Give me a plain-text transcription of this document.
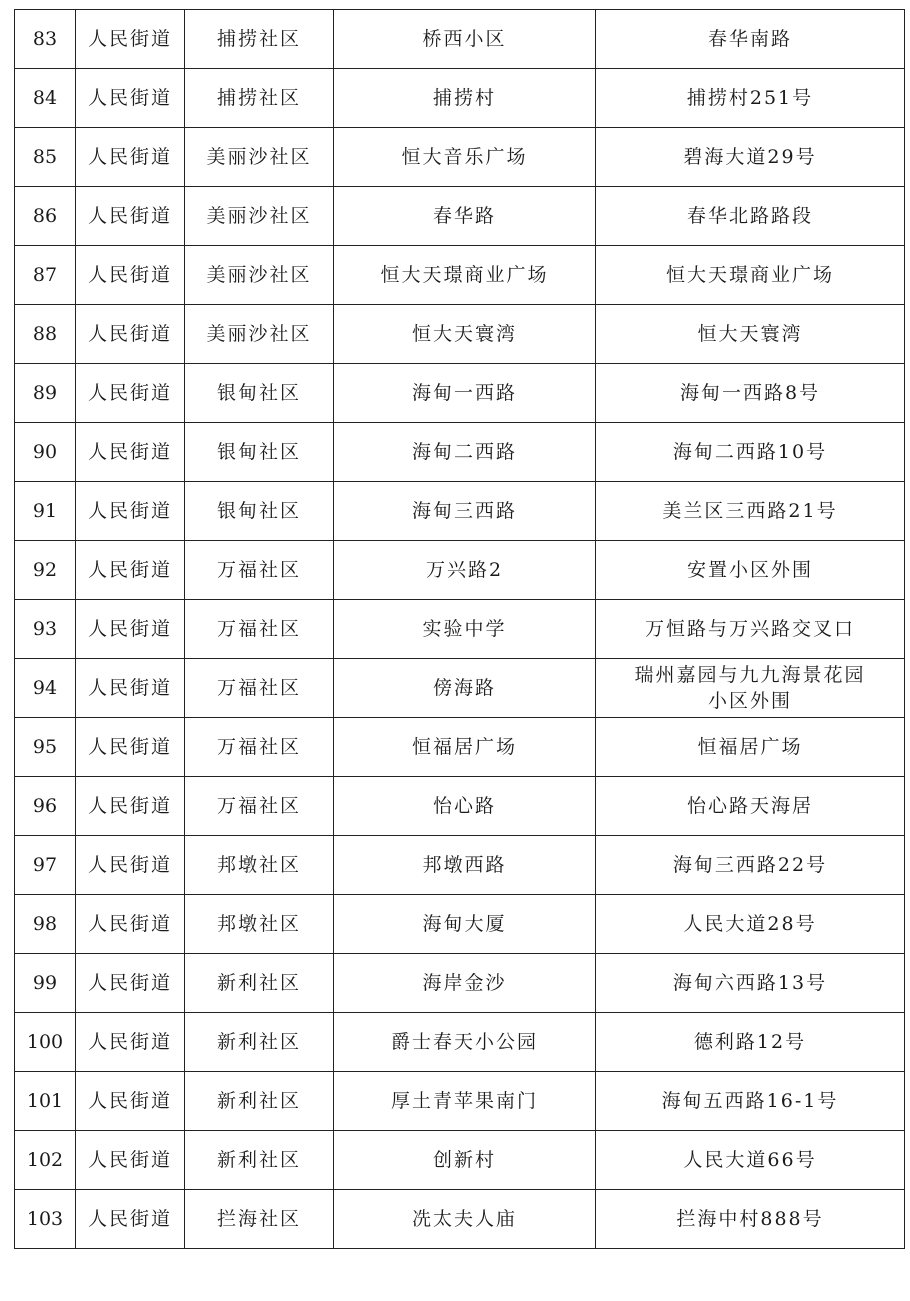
83	人民街道	捕捞社区	桥西小区	春华南路
84	人民街道	捕捞社区	捕捞村	捕捞村251号
85	人民街道	美丽沙社区	恒大音乐广场	碧海大道29号
86	人民街道	美丽沙社区	春华路	春华北路路段
87	人民街道	美丽沙社区	恒大天璟商业广场	恒大天璟商业广场
88	人民街道	美丽沙社区	恒大天寰湾	恒大天寰湾
89	人民街道	银甸社区	海甸一西路	海甸一西路8号
90	人民街道	银甸社区	海甸二西路	海甸二西路10号
91	人民街道	银甸社区	海甸三西路	美兰区三西路21号
92	人民街道	万福社区	万兴路2	安置小区外围
93	人民街道	万福社区	实验中学	万恒路与万兴路交叉口
94	人民街道	万福社区	傍海路	瑞州嘉园与九九海景花园
小区外围
95	人民街道	万福社区	恒福居广场	恒福居广场
96	人民街道	万福社区	怡心路	怡心路天海居
97	人民街道	邦墩社区	邦墩西路	海甸三西路22号
98	人民街道	邦墩社区	海甸大厦	人民大道28号
99	人民街道	新利社区	海岸金沙	海甸六西路13号
100	人民街道	新利社区	爵士春天小公园	德利路12号
101	人民街道	新利社区	厚土青苹果南门	海甸五西路16-1号
102	人民街道	新利社区	创新村	人民大道66号
103	人民街道	拦海社区	冼太夫人庙	拦海中村888号
